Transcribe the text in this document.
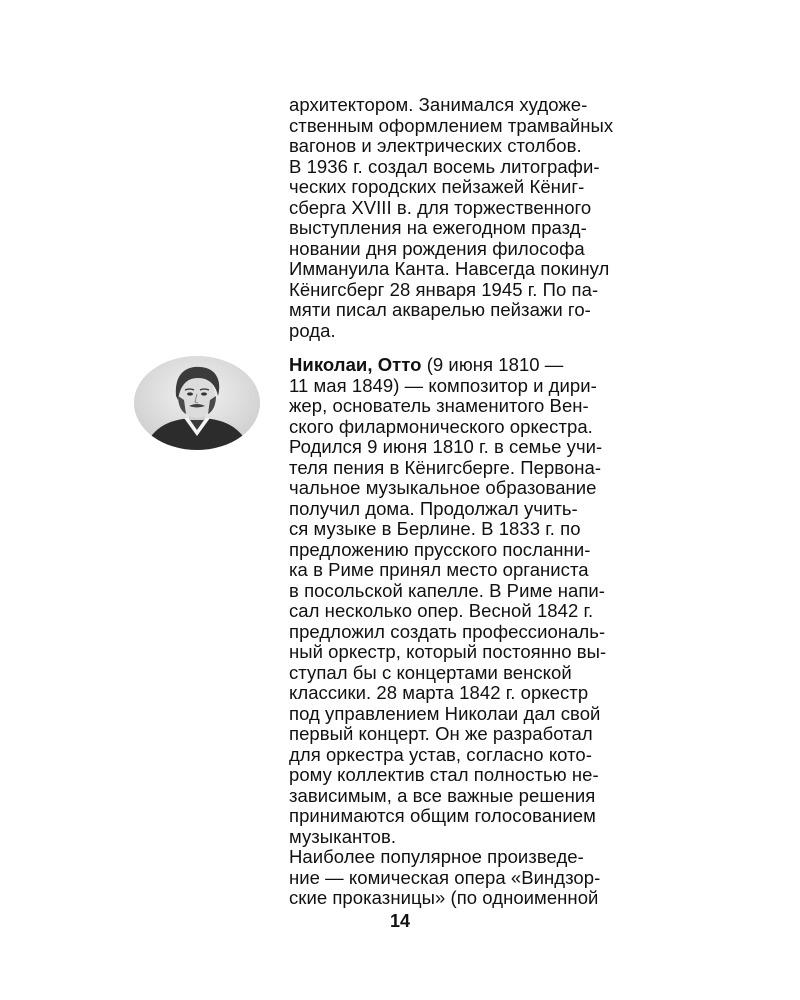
архитектором. Занимался художе-
ственным оформлением трамвайных
вагонов и электрических столбов.
В 1936 г. создал восемь литографи-
ческих городских пейзажей Кёниг-
сберга XVIII в. для торжественного
выступления на ежегодном празд-
новании дня рождения философа
Иммануила Канта. Навсегда покинул
Кёнигсберг 28 января 1945 г. По па-
мяти писал акварелью пейзажи го-
рода.
Николаи, Отто (9 июня 1810 —
11 мая 1849) — композитор и дири-
жер, основатель знаменитого Вен-
ского филармонического оркестра.
Родился 9 июня 1810 г. в семье учи-
теля пения в Кёнигсберге. Первона-
чальное музыкальное образование
получил дома. Продолжал учить-
ся музыке в Берлине. В 1833 г. по
предложению прусского посланни-
ка в Риме принял место органиста
в посольской капелле. В Риме напи-
сал несколько опер. Весной 1842 г.
предложил создать профессиональ-
ный оркестр, который постоянно вы-
ступал бы с концертами венской
классики. 28 марта 1842 г. оркестр
под управлением Николаи дал свой
первый концерт. Он же разработал
для оркестра устав, согласно кото-
рому коллектив стал полностью не-
зависимым, а все важные решения
принимаются общим голосованием
музыкантов.
Наиболее популярное произведе-
ние — комическая опера «Виндзор-
ские проказницы» (по одноименной
14
